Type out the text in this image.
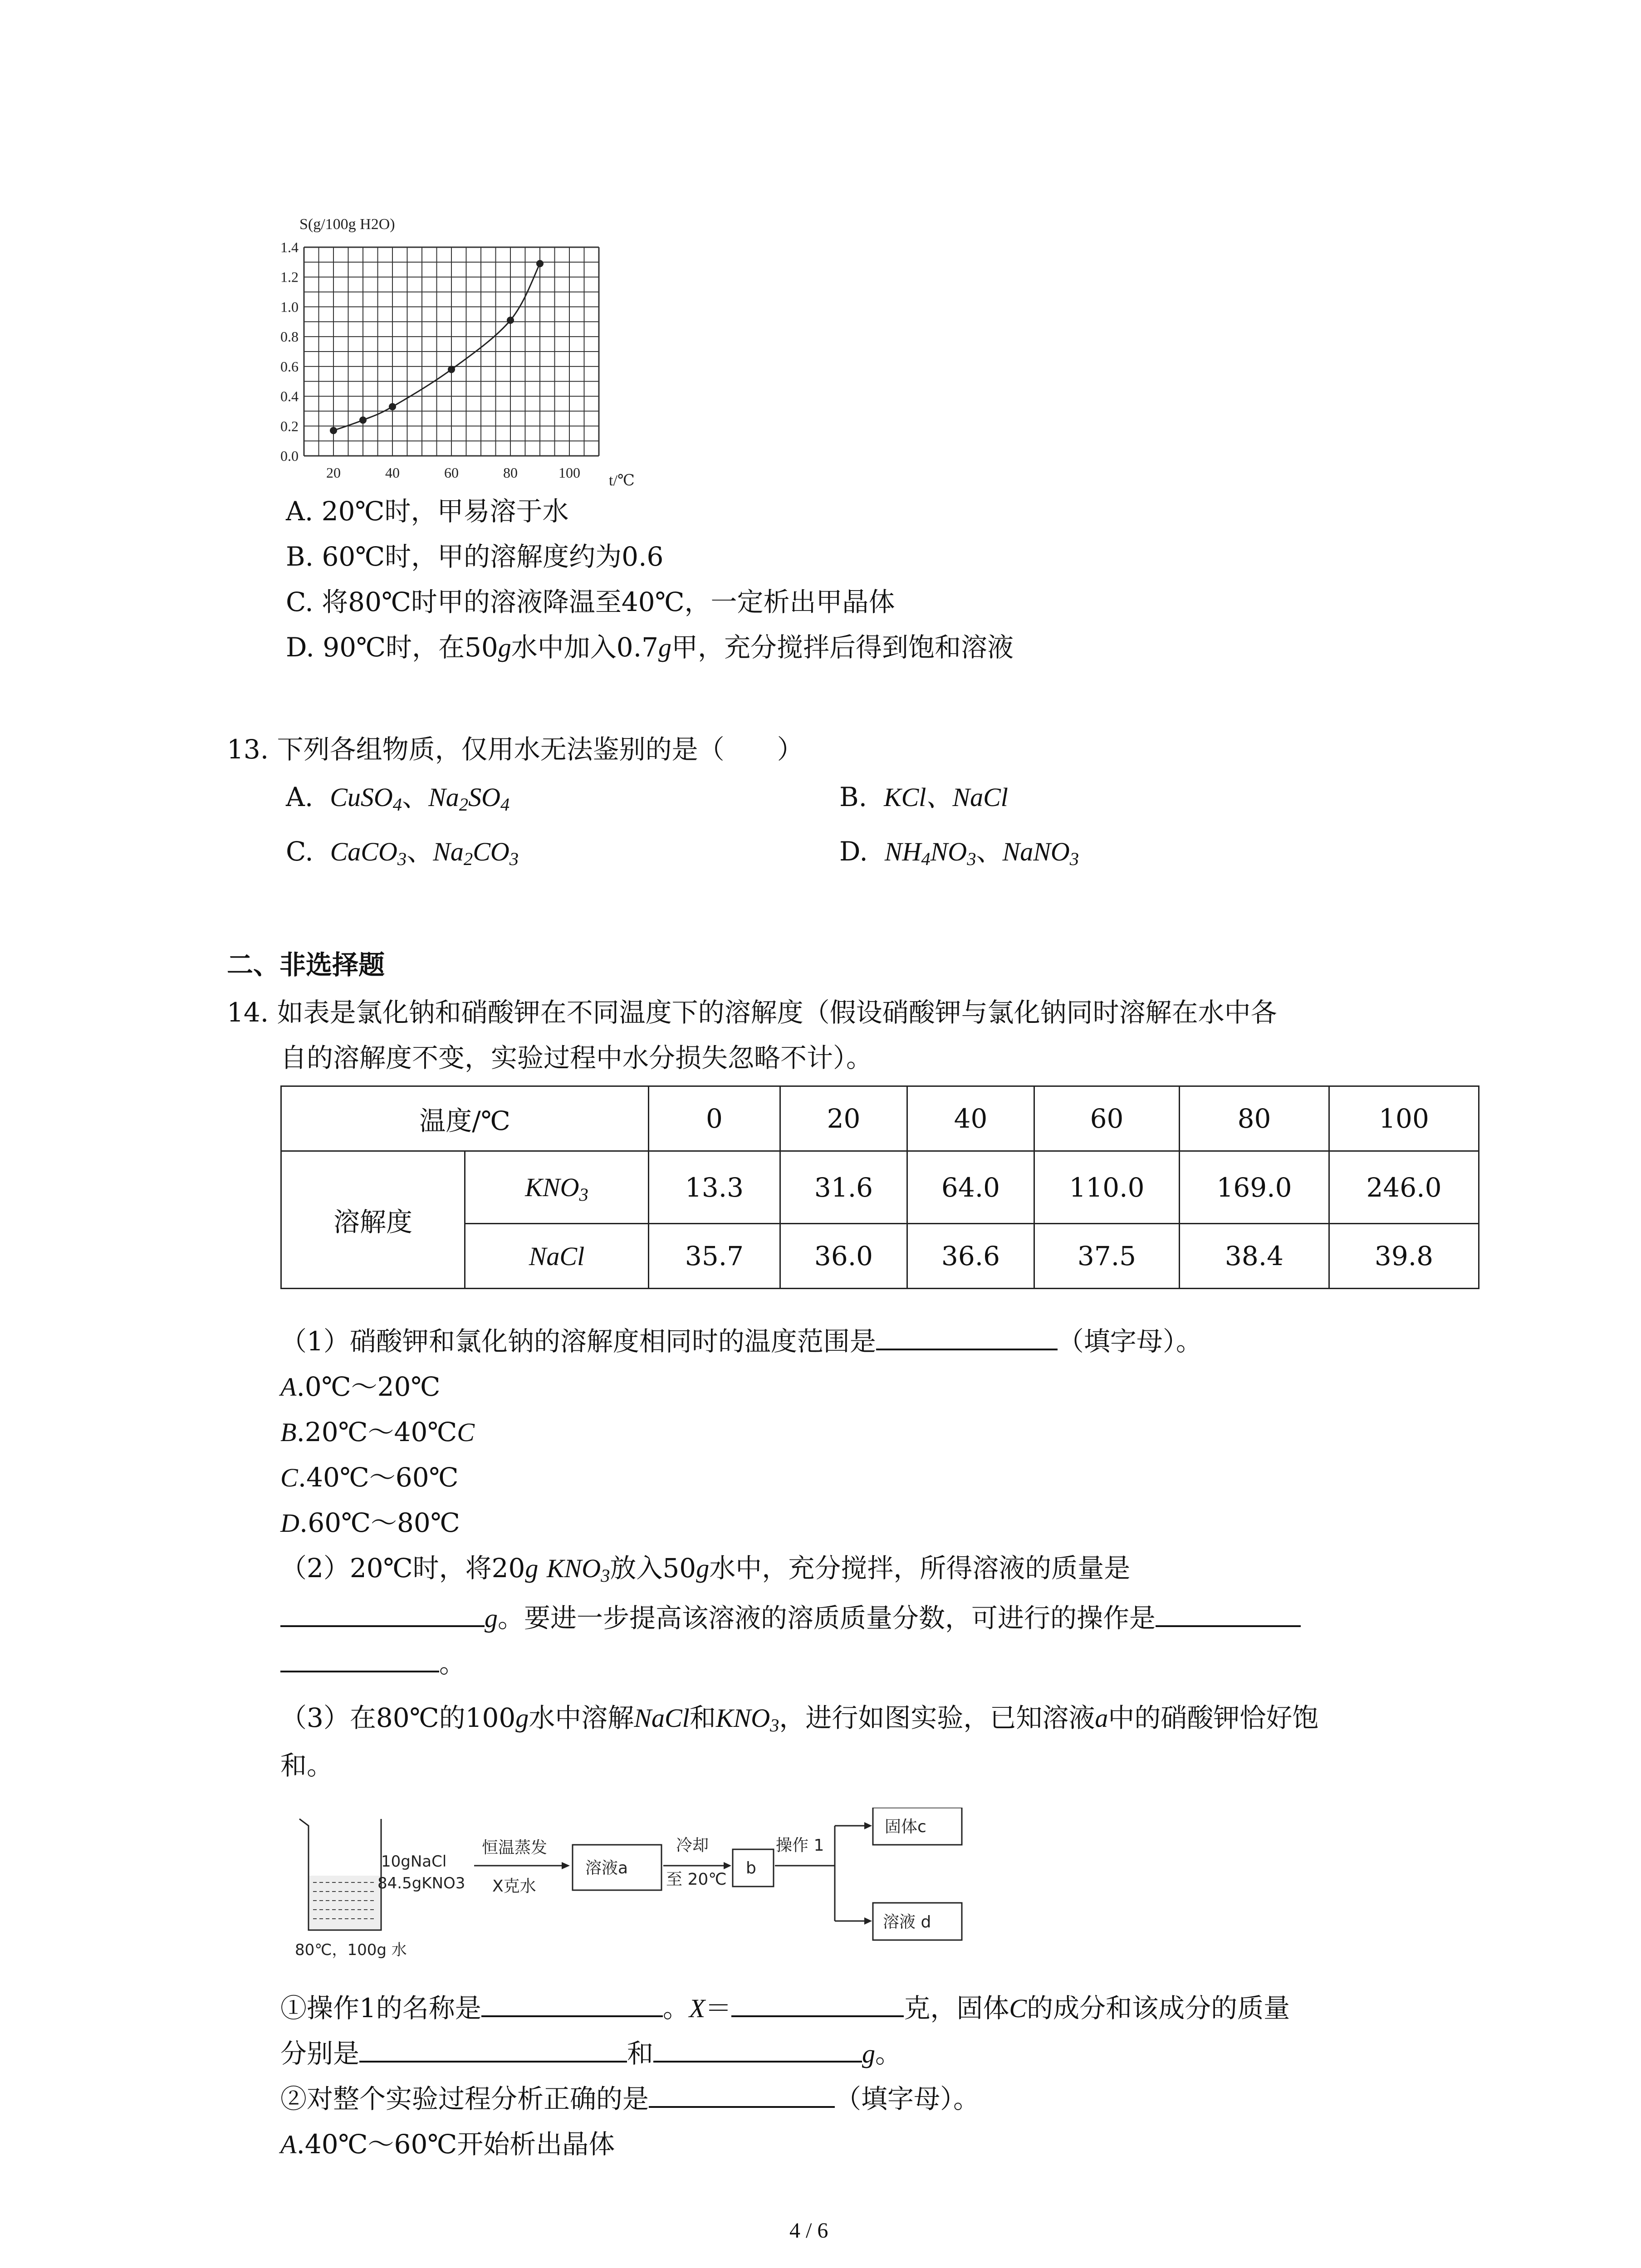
S(g/100g H2O)
1.4
1.2
1.0
0.8
0.6
0.4
0.2
0.0
20	40	60	80	100 t/℃
A. 20℃时，甲易溶于水
B. 60℃时，甲的溶解度约为0.6
C. 将80℃时甲的溶液降温至40℃，一定析出甲晶体
D. 90℃时，在50g水中加入0.7g甲，充分搅拌后得到饱和溶液
13. 下列各组物质，仅用水无法鉴别的是（　　）
A. CuSO$_4$、$Na_2SO_4$	B. KCl、NaCl
C. CaCO$_3$、$Na_2CO_3$	D. $NH_4NO_3$、NaNO$_3$
二、非选择题
14. 如表是氯化钠和硝酸钾在不同温度下的溶解度（假设硝酸钾与氯化钠同时溶解在水中各
自的溶解度不变，实验过程中水分损失忽略不计）。
温度/℃		0	20	40	60	80	100
溶解度	$KNO_3$	13.3	31.6	64.0	110.0	169.0	246.0
	NaCl	35.7	36.0	36.6	37.5	38.4	39.8
（1）硝酸钾和氯化钠的溶解度相同时的温度范围是	（填字母）。
A.0℃～20℃
B.20℃～40℃C
C.40℃～60℃
D.60℃～80℃
（2）20℃时，将20g $KNO_3$放入50g水中，充分搅拌，所得溶液的质量是
g。要进一步提高该溶液的溶质质量分数，可进行的操作是
。
（3）在80℃的100g水中溶解NaCl和$KNO_3$，进行如图实验，已知溶液a中的硝酸钾恰好饱
和。
10gNaCl
84.5gKNO3
80℃，100g 水
恒温蒸发
X克水
溶液a
冷却
至 20℃
b
操作 1
固体c
溶液 d
①操作1的名称是	。X＝	克，固体C的成分和该成分的质量
分别是	和	g。
②对整个实验过程分析正确的是	（填字母）。
A.40℃～60℃开始析出晶体
4 / 6
